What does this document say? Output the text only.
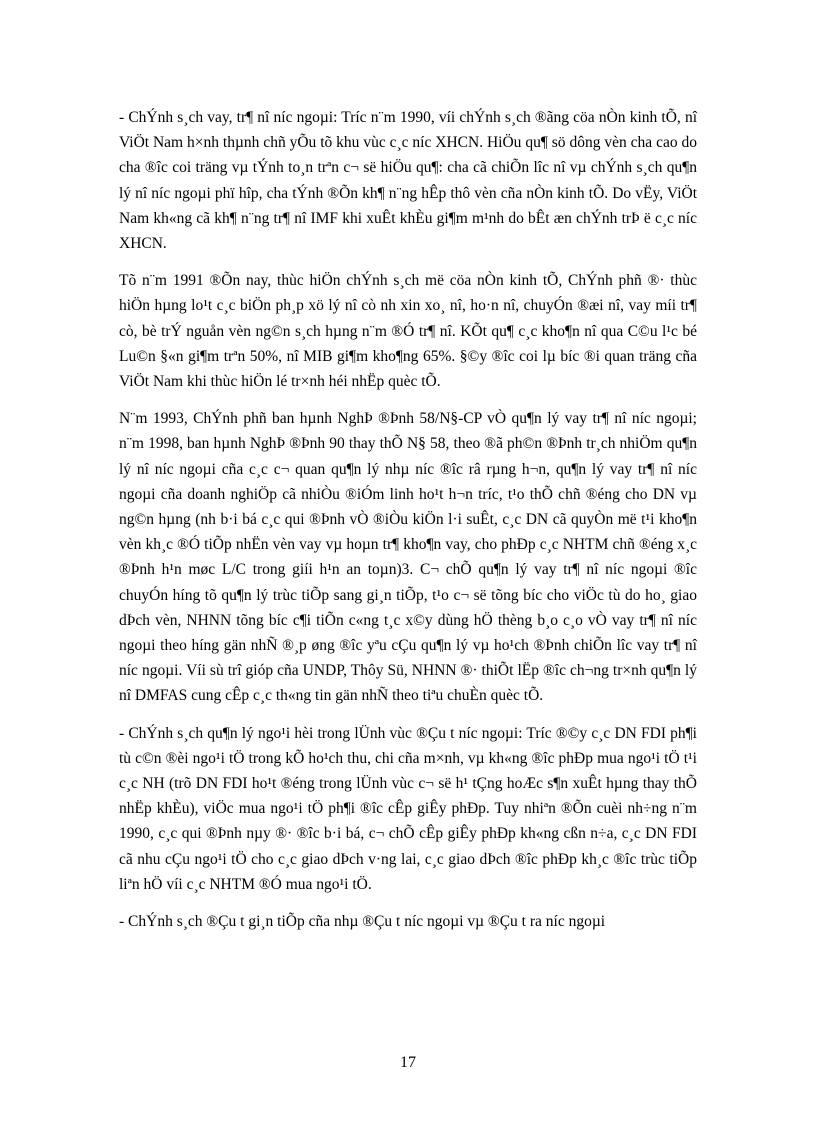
- ChÝnh s¸ch vay, tr¶ nî níc ngoµi: Tríc n¨m 1990, víi chÝnh s¸ch ®ãng cöa nÒn kinh tÕ, nî ViÖt Nam h×nh thµnh chñ yÕu tõ khu vùc c¸c níc XHCN. HiÖu qu¶ sö dông vèn cha cao do cha ®îc coi träng vµ tÝnh to¸n trªn c¬ së hiÖu qu¶: cha cã chiÕn lîc nî vµ chÝnh s¸ch qu¶n lý nî níc ngoµi phï hîp, cha tÝnh ®Õn kh¶ n¨ng hÊp thô vèn cña nÒn kinh tÕ. Do vËy, ViÖt Nam kh«ng cã kh¶ n¨ng tr¶ nî IMF khi xuÊt khÈu gi¶m m¹nh do bÊt æn chÝnh trÞ ë c¸c níc XHCN.

Tõ n¨m 1991 ®Õn nay, thùc hiÖn chÝnh s¸ch më cöa nÒn kinh tÕ, ChÝnh phñ ®· thùc hiÖn hµng lo¹t c¸c biÖn ph¸p xö lý nî cò nh xin xo¸ nî, ho·n nî, chuyÓn ®æi nî, vay míi tr¶ cò, bè trÝ nguån vèn ng©n s¸ch hµng n¨m ®Ó tr¶ nî. KÕt qu¶ c¸c kho¶n nî qua C©u l¹c bé Lu©n §«n gi¶m trªn 50%, nî MIB gi¶m kho¶ng 65%. §©y ®îc coi lµ bíc ®i quan träng cña ViÖt Nam khi thùc hiÖn lé tr×nh héi nhËp quèc tÕ.

N¨m 1993, ChÝnh phñ ban hµnh NghÞ ®Þnh 58/N§-CP vÒ qu¶n lý vay tr¶ nî níc ngoµi; n¨m 1998, ban hµnh NghÞ ®Þnh 90 thay thÕ N§ 58, theo ®ã ph©n ®Þnh tr¸ch nhiÖm qu¶n lý nî níc ngoµi cña c¸c c¬ quan qu¶n lý nhµ níc ®îc râ rµng h¬n, qu¶n lý vay tr¶ nî níc ngoµi cña doanh nghiÖp cã nhiÒu ®iÓm linh ho¹t h¬n tríc, t¹o thÕ chñ ®éng cho DN vµ ng©n hµng (nh b·i bá c¸c qui ®Þnh vÒ ®iÒu kiÖn l·i suÊt, c¸c DN cã quyÒn më t¹i kho¶n vèn kh¸c ®Ó tiÕp nhËn vèn vay vµ hoµn tr¶ kho¶n vay, cho phÐp c¸c NHTM chñ ®éng x¸c ®Þnh h¹n møc L/C trong giíi h¹n an toµn)3. C¬ chÕ qu¶n lý vay tr¶ nî níc ngoµi ®îc chuyÓn híng tõ qu¶n lý trùc tiÕp sang gi¸n tiÕp, t¹o c¬ së tõng bíc cho viÖc tù do ho¸ giao dÞch vèn, NHNN tõng bíc c¶i tiÕn c«ng t¸c x©y dùng hÖ thèng b¸o c¸o vÒ vay tr¶ nî níc ngoµi theo híng gän nhÑ ®¸p øng ®îc yªu cÇu qu¶n lý vµ ho¹ch ®Þnh chiÕn lîc vay tr¶ nî níc ngoµi. Víi sù trî gióp cña UNDP, Thôy Sü, NHNN ®· thiÕt lËp ®îc ch¬ng tr×nh qu¶n lý nî DMFAS cung cÊp c¸c th«ng tin gän nhÑ theo tiªu chuÈn quèc tÕ.

- ChÝnh s¸ch qu¶n lý ngo¹i hèi trong lÜnh vùc ®Çu t níc ngoµi: Tríc ®©y c¸c DN FDI ph¶i tù c©n ®èi ngo¹i tÖ trong kÕ ho¹ch thu, chi cña m×nh, vµ kh«ng ®îc phÐp mua ngo¹i tÖ t¹i c¸c NH (trõ DN FDI ho¹t ®éng trong lÜnh vùc c¬ së h¹ tÇng hoÆc s¶n xuÊt hµng thay thÕ nhËp khÈu), viÖc mua ngo¹i tÖ ph¶i ®îc cÊp giÊy phÐp. Tuy nhiªn ®Õn cuèi nh÷ng n¨m 1990, c¸c qui ®Þnh nµy ®· ®îc b·i bá, c¬ chÕ cÊp giÊy phÐp kh«ng cßn n÷a, c¸c DN FDI cã nhu cÇu ngo¹i tÖ cho c¸c giao dÞch v·ng lai, c¸c giao dÞch ®îc phÐp kh¸c ®îc trùc tiÕp liªn hÖ víi c¸c NHTM ®Ó mua ngo¹i tÖ.

- ChÝnh s¸ch ®Çu t gi¸n tiÕp cña nhµ ®Çu t níc ngoµi vµ ®Çu t ra níc ngoµi

17
